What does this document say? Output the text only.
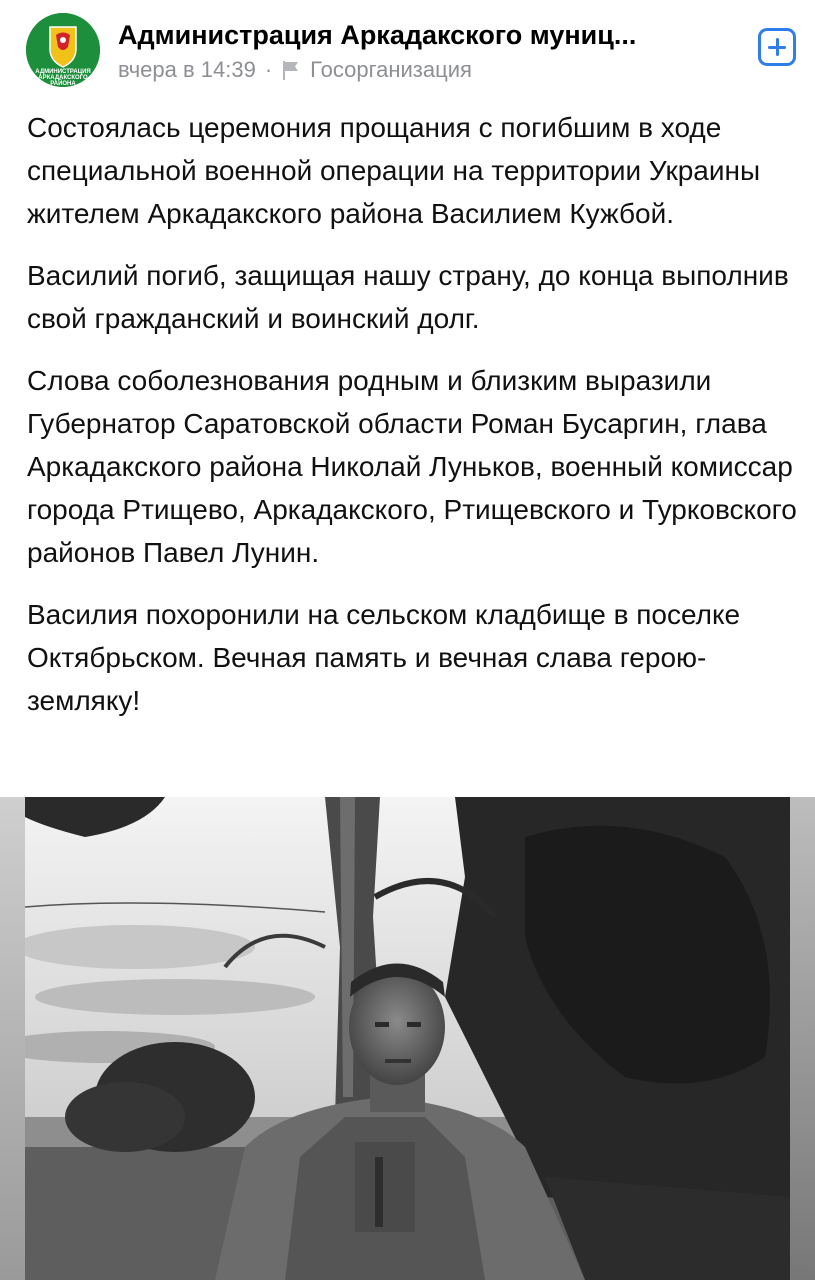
АДМИНИСТРАЦИЯ
АРКАДАКСКОГО
РАЙОНА
Администрация Аркадакского муниц...
вчера в 14:39 · Госорганизация

Состоялась церемония прощания с погибшим в ходе специальной военной операции на территории Украины жителем Аркадакского района Василием Кужбой.

Василий погиб, защищая нашу страну, до конца выполнив свой гражданский и воинский долг.

Слова соболезнования родным и близким выразили Губернатор Саратовской области Роман Бусаргин, глава Аркадакского района Николай Луньков, военный комиссар города Ртищево, Аркадакского, Ртищевского и Турковского районов Павел Лунин.

Василия похоронили на сельском кладбище в поселке Октябрьском. Вечная память и вечная слава герою-земляку!
